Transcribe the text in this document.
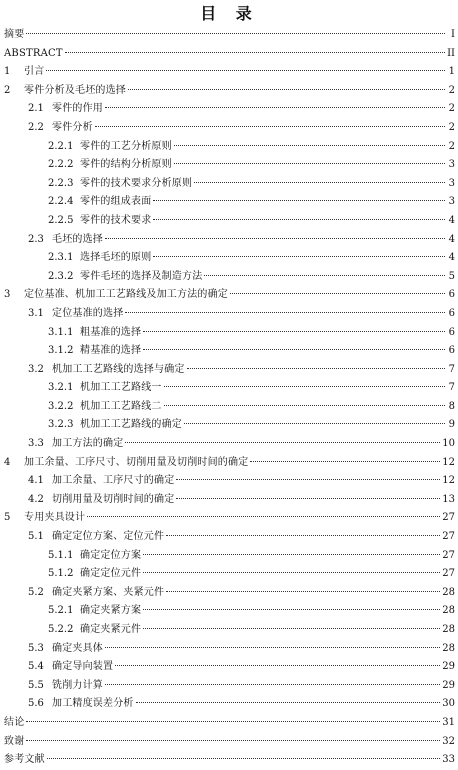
目 录
摘要	I
ABSTRACT	II
1	引言	1
2	零件分析及毛坯的选择	2
2.1 零件的作用	2
2.2 零件分析	2
2.2.1 零件的工艺分析原则	2
2.2.2 零件的结构分析原则	3
2.2.3 零件的技术要求分析原则	3
2.2.4 零件的组成表面	3
2.2.5 零件的技术要求	4
2.3 毛坯的选择	4
2.3.1 选择毛坯的原则	4
2.3.2 零件毛坯的选择及制造方法	5
3	定位基准、机加工工艺路线及加工方法的确定	6
3.1 定位基准的选择	6
3.1.1 粗基准的选择	6
3.1.2 精基准的选择	6
3.2 机加工工艺路线的选择与确定	7
3.2.1 机加工工艺路线一	7
3.2.2 机加工工艺路线二	8
3.2.3 机加工工艺路线的确定	9
3.3 加工方法的确定	10
4	加工余量、工序尺寸、切削用量及切削时间的确定	12
4.1 加工余量、工序尺寸的确定	12
4.2 切削用量及切削时间的确定	13
5	专用夹具设计	27
5.1 确定定位方案、定位元件	27
5.1.1 确定定位方案	27
5.1.2 确定定位元件	27
5.2 确定夹紧方案、夹紧元件	28
5.2.1 确定夹紧方案	28
5.2.2 确定夹紧元件	28
5.3 确定夹具体	28
5.4 确定导向装置	29
5.5 铣削力计算	29
5.6 加工精度误差分析	30
结论	31
致谢	32
参考文献	33
